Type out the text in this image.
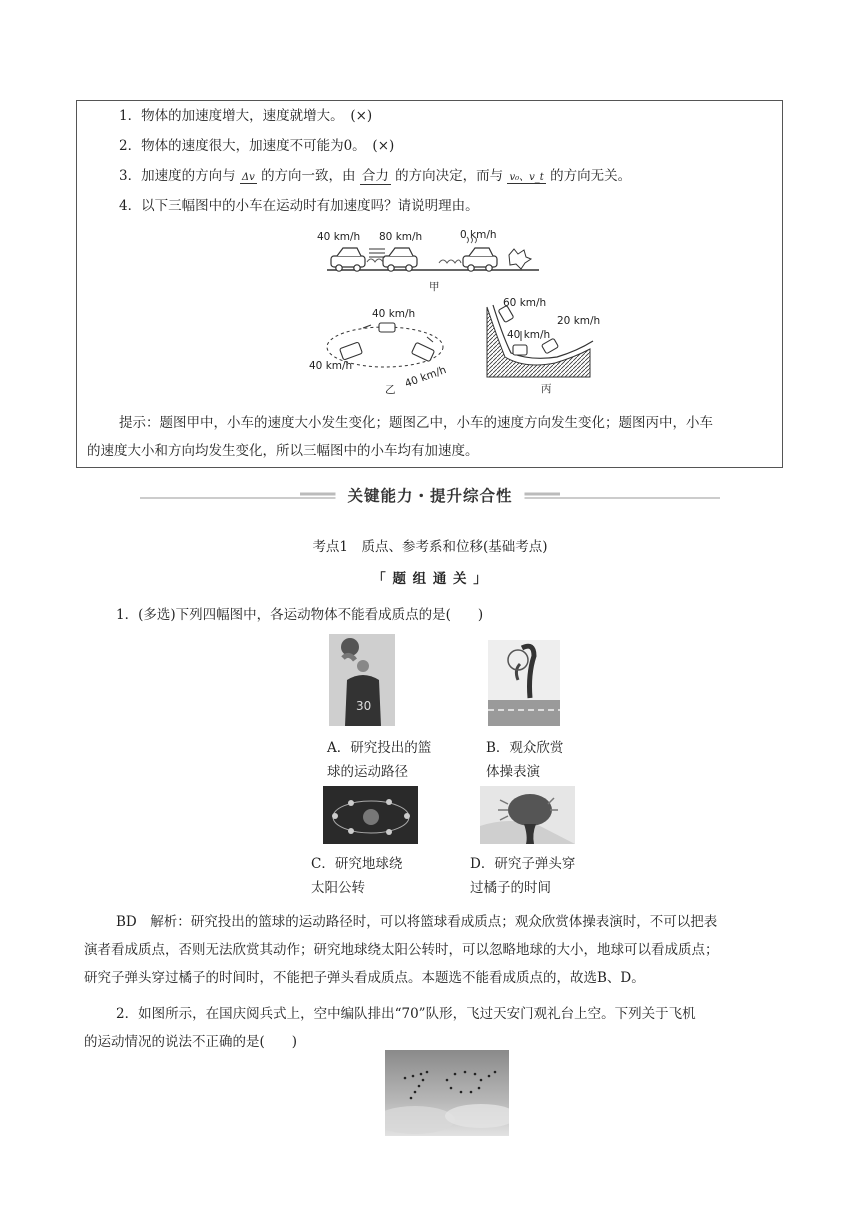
1．物体的加速度增大，速度就增大。　(×)
2．物体的速度很大，加速度不可能为0。　(×)
3．加速度的方向与 Δv 的方向一致，由 合力 的方向决定，而与 v₀、v_t 的方向无关。
4．以下三幅图中的小车在运动时有加速度吗？请说明理由。
40 km/h 80 km/h	0 km/h
甲
40 km/h
40 km/h	40 km/h
乙
60 km/h
40 km/h
20 km/h
丙
提示：题图甲中，小车的速度大小发生变化；题图乙中，小车的速度方向发生变化；题图丙中，小车
的速度大小和方向均发生变化，所以三幅图中的小车均有加速度。
关键能力・提升综合性
考点1　质点、参考系和位移(基础考点)
「 题 组 通 关 」
1．(多选)下列四幅图中，各运动物体不能看成质点的是(　　)
30
A．研究投出的篮
球的运动路径
B．观众欣赏
体操表演
C．研究地球绕
太阳公转
D．研究子弹头穿
过橘子的时间
BD　解析：研究投出的篮球的运动路径时，可以将篮球看成质点；观众欣赏体操表演时，不可以把表
演者看成质点，否则无法欣赏其动作；研究地球绕太阳公转时，可以忽略地球的大小，地球可以看成质点；
研究子弹头穿过橘子的时间时，不能把子弹头看成质点。本题选不能看成质点的，故选B、D。
2．如图所示，在国庆阅兵式上，空中编队排出“70”队形，飞过天安门观礼台上空。下列关于飞机
的运动情况的说法不正确的是(　　)
